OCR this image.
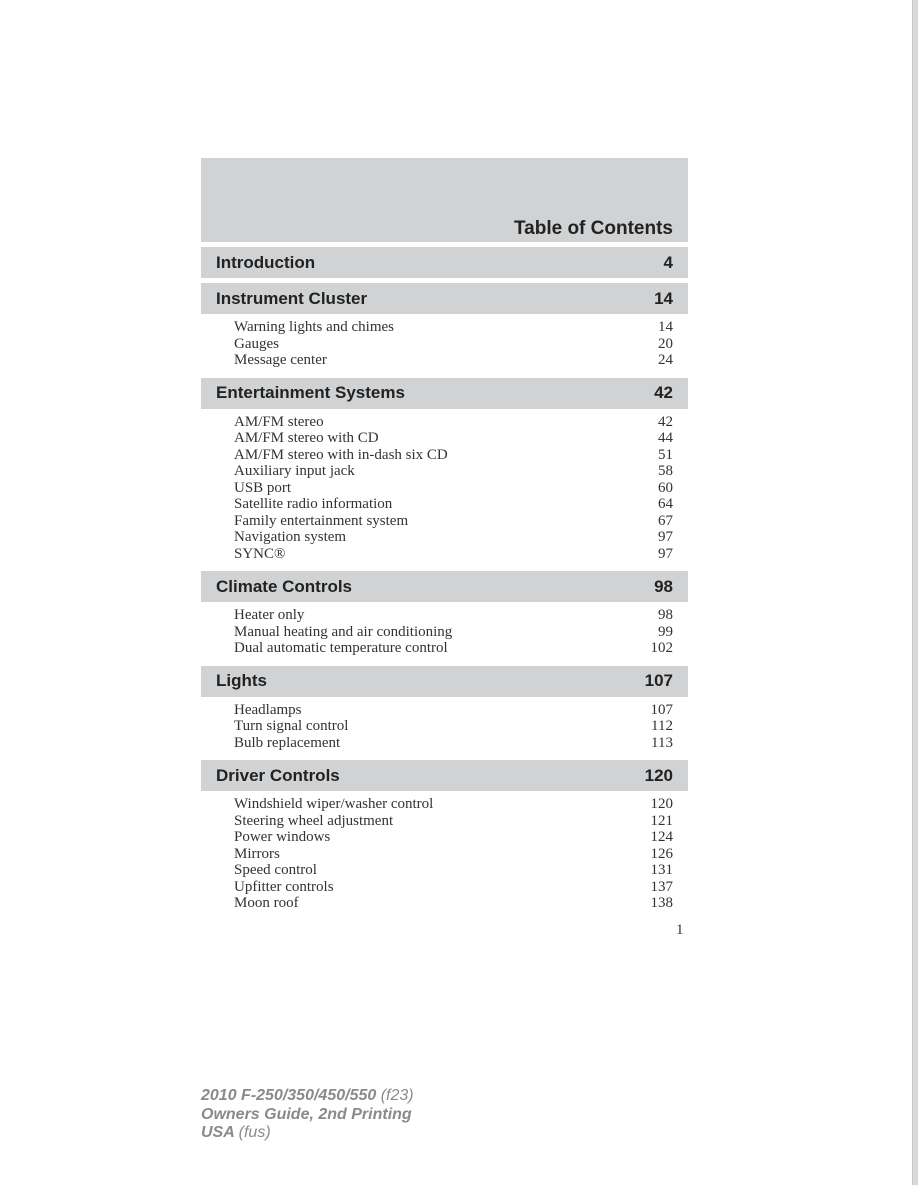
Table of Contents
Introduction	4
Instrument Cluster	14
Warning lights and chimes	14
Gauges	20
Message center	24
Entertainment Systems	42
AM/FM stereo	42
AM/FM stereo with CD	44
AM/FM stereo with in-dash six CD	51
Auxiliary input jack	58
USB port	60
Satellite radio information	64
Family entertainment system	67
Navigation system	97
SYNC®	97
Climate Controls	98
Heater only	98
Manual heating and air conditioning	99
Dual automatic temperature control	102
Lights	107
Headlamps	107
Turn signal control	112
Bulb replacement	113
Driver Controls	120
Windshield wiper/washer control	120
Steering wheel adjustment	121
Power windows	124
Mirrors	126
Speed control	131
Upfitter controls	137
Moon roof	138
1
2010 F-250/350/450/550 (f23)
Owners Guide, 2nd Printing
USA (fus)
